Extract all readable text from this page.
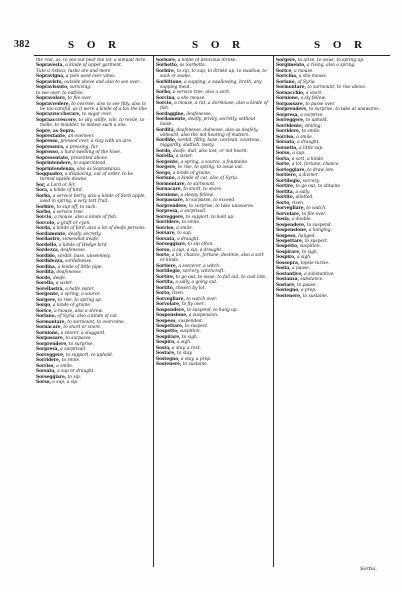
382	S O R	S O R	S O R
the rest, as, to see out bear the lot, a simulat here.
Sopravesta, a kinde of upper garment.
Tute a ristica, rushe are and more
Sopravigna, a pole used over vines.
Sopravisto, outside above and also to see over.
Sopravissuto, surviving.
to see over, to outlive.
Sopravolare, to flie over.
Sopravvedere, to oversee, also to see fitly, also to be too careful, as it were a kinde of a tax the like.
Soprazzuccherare, to sugar over.
Sopraaccrescere, to vily, willfe, vile, to revile, to molle, to moulder, to molest such a one.
Sopre, as Sopra.
Soprestante, an overseer.
Sopresso, pressed over, a clay with an aire.
Sopressura, a pressing, fur.
Soprosso, a hard swelling of the knee.
Sopresentato, presented above.
Soprintendere, to superintend.
Soprintendenza, also as Soprastanza.
Soqquadro, a displacing, out of order, to be turned upside downe.
Sor, a Lord or Sir.
Sora, a kinde of bird.
Sorba, a service berry, also a kinde of Sorb apple, used in spring, a very tart fruit.
Sorbire, to sup off, to suck.
Sorbo, a service tree.
Sorcio, a mouse, also a kinde of fish.
Sorcolo, a graft or cyon.
Sorda, a kinde of bird, also a lot of deafe persons.
Sordamente, deafly, secretly.
Sordastro, somewhat deafe.
Sordello, a kinde of Hedge bird.
Sordezza, deafenesse.
Sordido, sordid, base, unseemely.
Sordidezza, sordidnesse.
Sordina, a kinde of little pipe.
Sordità, deafenesse.
Sordo, deafe.
Sorella, a sister.
Sorellastra, a halfe sister.
Sorgente, a spring, a source.
Sorgere, to rise, to spring up.
Sorgo, a kinde of graine.
Sorice, a mouse, also a shrew.
Soriano, of Syria, also a kinde of cat.
Sormontare, to surmount, to overcome.
Sornacare, to snort or snore.
Sornione, a snorer, a sluggard.
Sorpassare, to surpasse.
Sorprendere, to surprise.
Sorpresa, a surprisall.
Sorreggere, to support, to uphold.
Sorridere, to smile.
Sorriso, a smile.
Sorsata, a sup or draught.
Sorseggiare, to sip.
Sorso, a sup, a sip.
Sorbare, a kinde of delicious drinke.
Sorbetto, as Sorbetta.
Sorbire, to sip, to sup, to drinke up, to swallow, to suck or soake.
Sorbitione, a supping, a swallowing, broth, any supping meat.
Sorbo, a service tree, also a sorb.
Sorcina, a she mouse.
Sorcio, a mouse, a rat, a dormouse, also a kinde of fish.
Sordaggine, deafenesse.
Sordamente, deafly, privily, secretly, without noise.
Sordità, deafenesse, dulnesse, also as deafely, unheard, also the not hearing of matters.
Sordido, sordid, filthy, base, unclean, covetous, niggardly, sluttish, nasty.
Sordo, deafe, dull, also lost, or not heard.
Sorella, a sister.
Sorgente, a spring, a source, a fountaine.
Sorgere, to rise, to spring, to issue out.
Sorgo, a kinde of graine.
Soriano, a kinde of cat, also of Syria.
Sormontare, to surmount.
Sornacare, to snort, to snore.
Sornione, a sleepy fellow.
Sorpassare, to surpasse, to exceed.
Sorprendere, to surprise, to take unawares.
Sorpresa, a surprisall.
Sorreggere, to support, to hold up.
Sorridere, to smile.
Sorriso, a smile.
Sorsare, to sup.
Sorsata, a draught.
Sorseggiare, to sip often.
Sorso, a sup, a sip, a draught.
Sorte, a lot, chance, fortune, destinie, also a sort or kinde.
Sortiere, a sorcerer, a witch.
Sortilegio, sorcery, witchcraft.
Sortire, to go out, to issue, to fall out, to cast lots.
Sortita, a sally, a going out.
Sortito, chosen by lot.
Sorto, risen.
Sorvegliare, to watch over.
Sorvolare, to fly over.
Sospendere, to suspend, to hang up.
Sospensione, a suspension.
Sospeso, suspended.
Sospettare, to suspect.
Sospetto, suspition.
Sospirare, to sigh.
Sospiro, a sigh.
Sosta, a stay, a rest.
Sostare, to stay.
Sostegno, a stay, a prop.
Sostenere, to sustaine.
Sorgere, to arise, to issue, to spring up.
Sorgimento, a rising, also a spring.
Sorice, a mouse.
Soricina, a she mouse.
Soriano, of Syria.
Sormontare, to surmount, to rise above.
Sornacchio, a snort.
Sornione, a sly fellow.
Sorpassare, to passe over.
Sorprendere, to surprise, to take at unawares.
Sorpresa, a surprise.
Sorreggere, to uphold.
Sorridente, smiling.
Sorridere, to smile.
Sorriso, a smile.
Sorsata, a draught.
Sorsetto, a little sup.
Sorso, a sup.
Sorta, a sort, a kinde.
Sorte, a lot, fortune, chance.
Sorteggiare, to draw lots.
Sortiero, a diviner.
Sortilegio, sorcery.
Sortire, to go out, to obtaine.
Sortita, a sally.
Sortito, allotted.
Sorto, risen.
Sorvegliare, to watch.
Sorvolare, to flie over.
Sosia, a double.
Sospendere, to suspend.
Sospensione, a hanging.
Sospeso, hanged.
Sospettare, to suspect.
Sospetto, suspition.
Sospirare, to sigh.
Sospiro, a sigh.
Sossopra, topsie turvie.
Sosta, a pause.
Sostantivo, a substantive.
Sostanza, substance.
Sostare, to pause.
Sostegno, a prop.
Sostenere, to sustaine.
Sortia,
